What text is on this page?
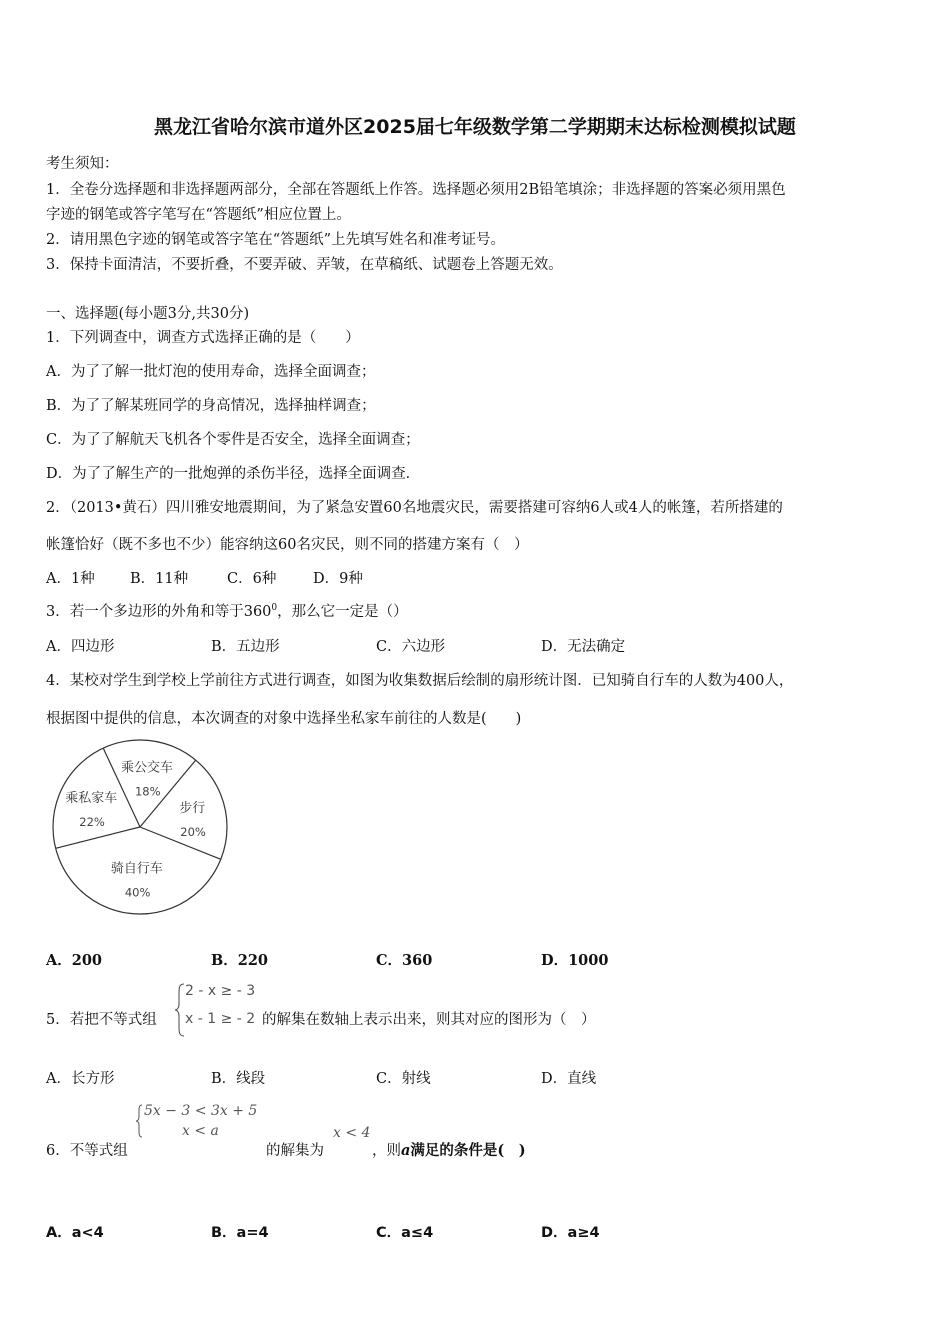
黑龙江省哈尔滨市道外区2025届七年级数学第二学期期末达标检测模拟试题
考生须知：
1．全卷分选择题和非选择题两部分，全部在答题纸上作答。选择题必须用2B铅笔填涂；非选择题的答案必须用黑色
字迹的钢笔或答字笔写在“答题纸”相应位置上。
2．请用黑色字迹的钢笔或答字笔在“答题纸”上先填写姓名和准考证号。
3．保持卡面清洁，不要折叠，不要弄破、弄皱，在草稿纸、试题卷上答题无效。
一、选择题(每小题3分,共30分)
1．下列调查中，调查方式选择正确的是（　　）
A．为了了解一批灯泡的使用寿命，选择全面调查；
B．为了了解某班同学的身高情况，选择抽样调查；
C．为了了解航天飞机各个零件是否安全，选择全面调查；
D．为了了解生产的一批炮弹的杀伤半径，选择全面调查．
2．（2013•黄石）四川雅安地震期间，为了紧急安置60名地震灾民，需要搭建可容纳6人或4人的帐篷，若所搭建的
帐篷恰好（既不多也不少）能容纳这60名灾民，则不同的搭建方案有（　）
A．1种 B．11种	C．6种	D．9种
3．若一个多边形的外角和等于$360^0$，那么它一定是（）
A．四边形	B．五边形	C．六边形	D．无法确定
4．某校对学生到学校上学前往方式进行调查，如图为收集数据后绘制的扇形统计图．已知骑自行车的人数为400人，
根据图中提供的信息，本次调查的对象中选择坐私家车前往的人数是(　　)
乘公交车
18%
步行
20%
骑自行车
40%
乘私家车
22%
A．200	B．220	C．360	D．1000
5．若把不等式组
2 - x ≥ - 3
x - 1 ≥ - 2 的解集在数轴上表示出来，则其对应的图形为（　）
A．长方形	B．线段	C．射线	D．直线
6．不等式组
5x − 3 < 3x + 5
x < a
的解集为
x < 4
，则a满足的条件是(　)
A．a<4	B．a=4	C．a≤4	D．a≥4
